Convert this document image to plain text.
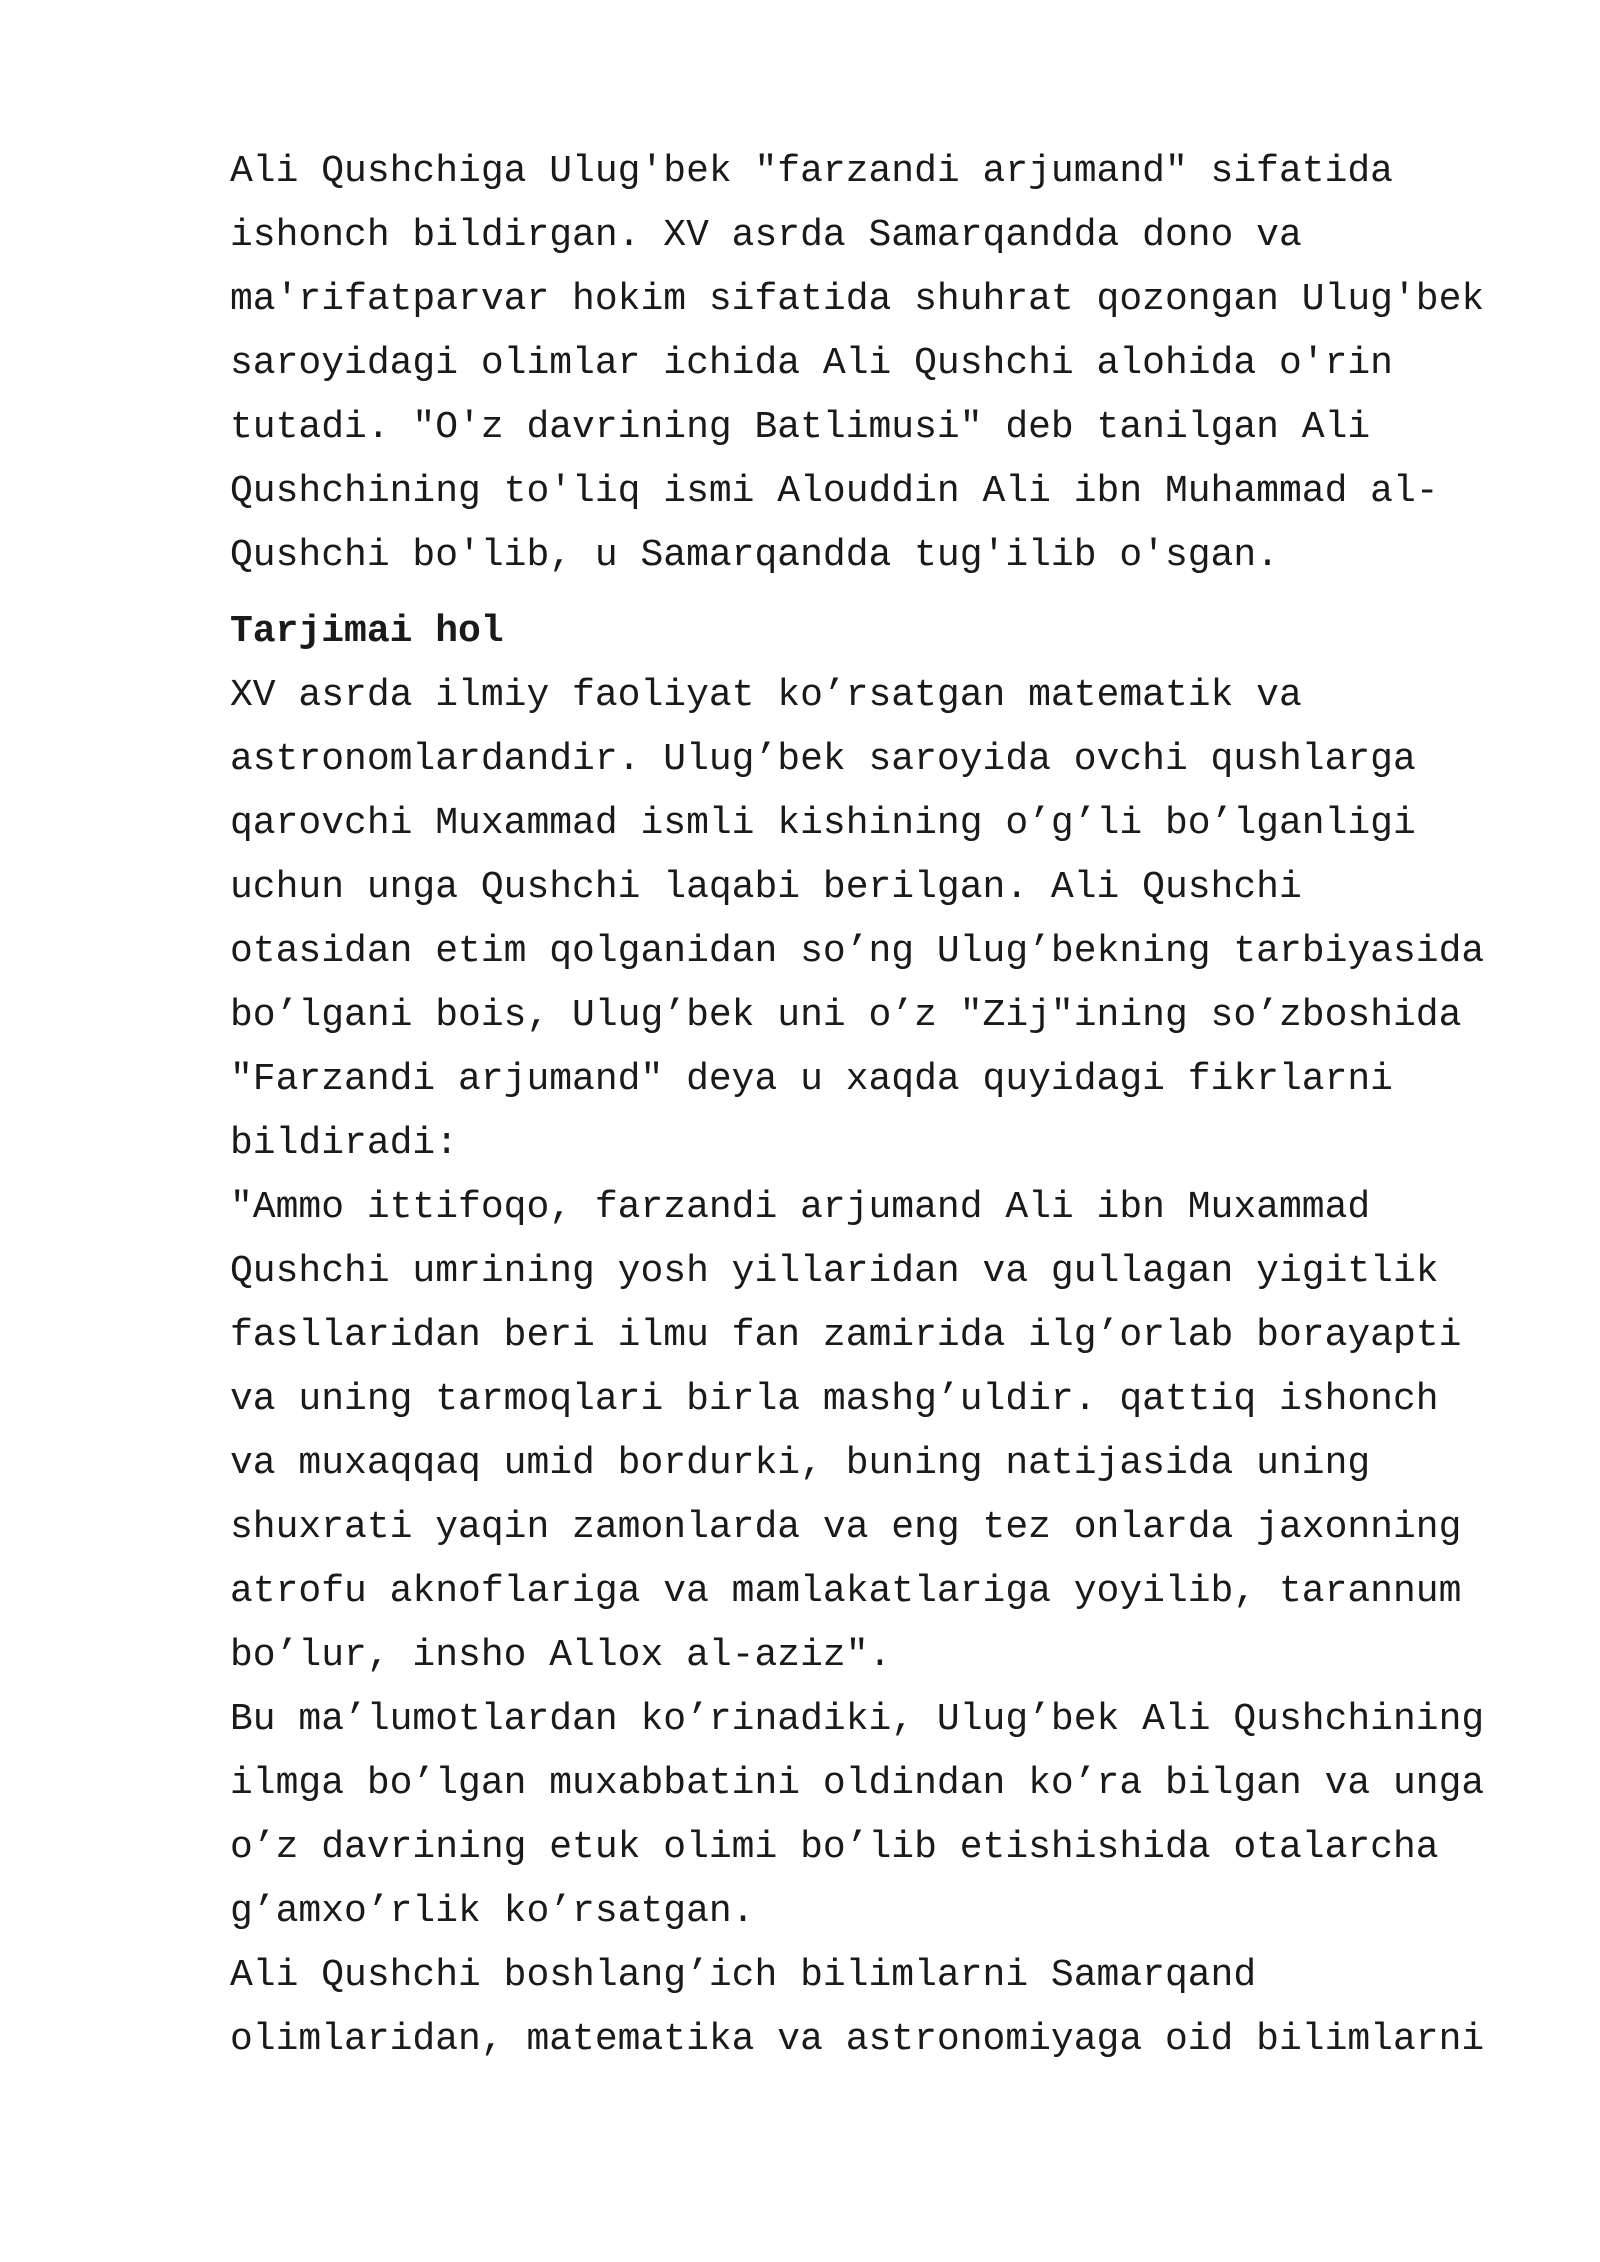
Ali Qushchiga Ulug'bek "farzandi arjumand" sifatida
ishonch bildirgan. XV asrda Samarqandda dono va
ma'rifatparvar hokim sifatida shuhrat qozongan Ulug'bek
saroyidagi olimlar ichida Ali Qushchi alohida o'rin
tutadi. "O'z davrining Batlimusi" deb tanilgan Ali
Qushchining to'liq ismi Alouddin Ali ibn Muhammad al-
Qushchi bo'lib, u Samarqandda tug'ilib o'sgan.
Tarjimai hol
XV asrda ilmiy faoliyat ko’rsatgan matematik va
astronomlardandir. Ulug’bek saroyida ovchi qushlarga
qarovchi Muxammad ismli kishining o’g’li bo’lganligi
uchun unga Qushchi laqabi berilgan. Ali Qushchi
otasidan etim qolganidan so’ng Ulug’bekning tarbiyasida
bo’lgani bois, Ulug’bek uni o’z "Zij"ining so’zboshida
"Farzandi arjumand" deya u xaqda quyidagi fikrlarni
bildiradi:
"Ammo ittifoqo, farzandi arjumand Ali ibn Muxammad
Qushchi umrining yosh yillaridan va gullagan yigitlik
fasllaridan beri ilmu fan zamirida ilg’orlab borayapti
va uning tarmoqlari birla mashg’uldir. qattiq ishonch
va muxaqqaq umid bordurki, buning natijasida uning
shuxrati yaqin zamonlarda va eng tez onlarda jaxonning
atrofu aknoflariga va mamlakatlariga yoyilib, tarannum
bo’lur, insho Allox al-aziz".
Bu ma’lumotlardan ko’rinadiki, Ulug’bek Ali Qushchining
ilmga bo’lgan muxabbatini oldindan ko’ra bilgan va unga
o’z davrining etuk olimi bo’lib etishishida otalarcha
g’amxo’rlik ko’rsatgan.
Ali Qushchi boshlang’ich bilimlarni Samarqand
olimlaridan, matematika va astronomiyaga oid bilimlarni
